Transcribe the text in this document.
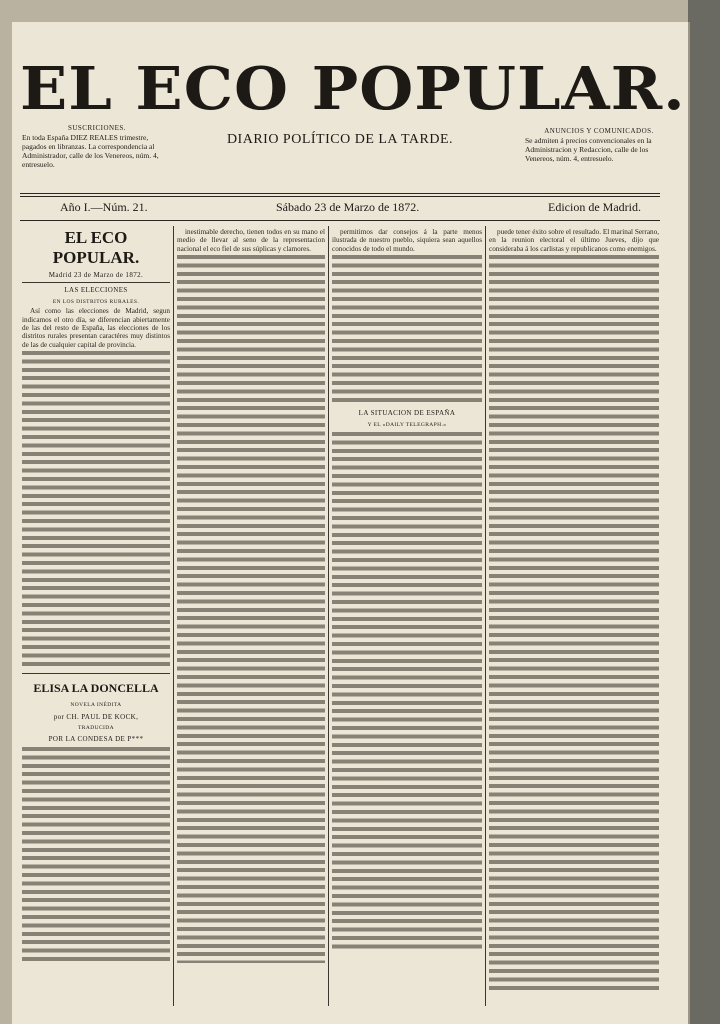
EL ECO POPULAR.
SUSCRICIONES.
En toda España DIEZ REALES trimestre, pagados en libranzas. La correspondencia al Administrador, calle de los Venereos, núm. 4, entresuelo.
DIARIO POLÍTICO DE LA TARDE.
ANUNCIOS Y COMUNICADOS.
Se admiten á precios convencionales en la Administracion y Redaccion, calle de los Venereos, núm. 4, entresuelo.
Año I.—Núm. 21.	Sábado 23 de Marzo de 1872.	Edicion de Madrid.
EL ECO POPULAR.
Madrid 23 de Marzo de 1872.
LAS ELECCIONES
EN LOS DISTRITOS RURALES.

Así como las elecciones de Madrid, segun indicamos el otro día, se diferencian abiertamente de las del resto de España, las elecciones de los distritos rurales presentan caractéres muy distintos de las de cualquier capital de provincia.

ELISA LA DONCELLA
NOVELA INÉDITA
por CH. PAUL DE KOCK,
TRADUCIDA
POR LA CONDESA DE P***

inestimable derecho, tienen todos en su mano el medio de llevar al seno de la representacion nacional el eco fiel de sus súplicas y clamores.

permitimos dar consejos á la parte menos ilustrada de nuestro pueblo, siquiera sean aquellos conocidos de todo el mundo.

LA SITUACION DE ESPAÑA
Y EL «DAILY TELEGRAPH.»

puede tener éxito sobre el resultado. El marinal Serrano, en la reunion electoral el último Jueves, dijo que consideraba á los carlistas y republicanos como enemigos.
